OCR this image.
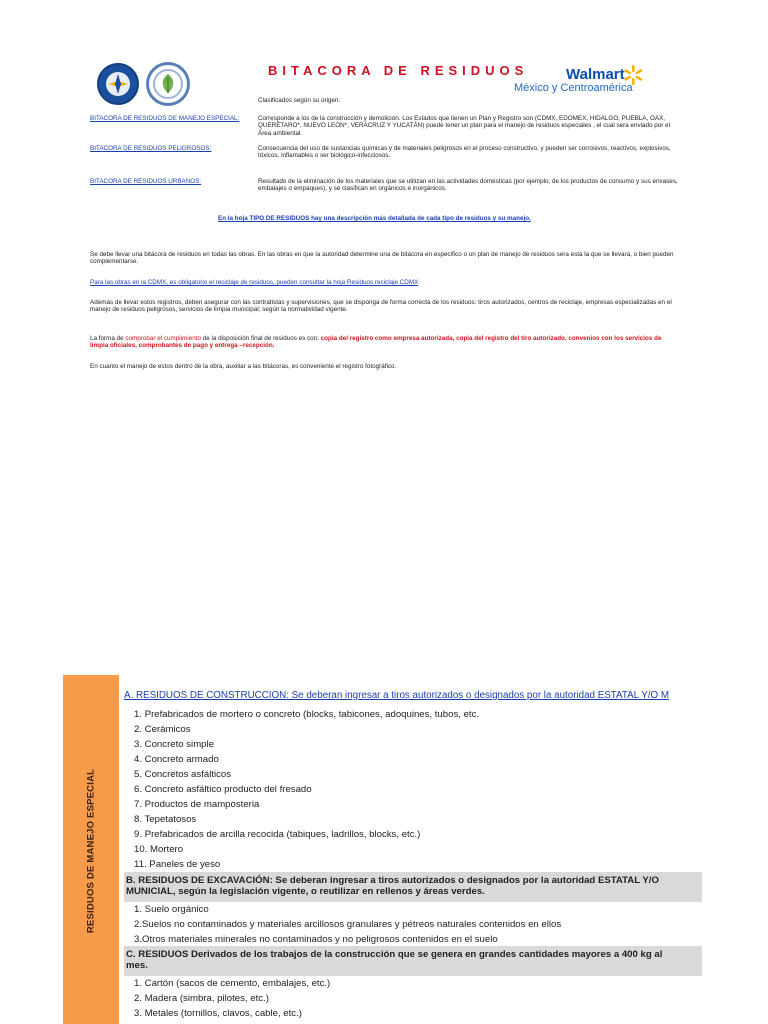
BITACORA DE RESIDUOS	Walmart
México y Centroamérica
Clasificados según su origen:
BITACORA DE RESIDUOS DE MANEJO ESPECIAL:	Corresponde a los de la construcción y demolición. Los Estados que tienen un Plan y Registro son (CDMX, EDOMEX, HIDALGO, PUEBLA, OAX, QUERÉTARO*, NUEVO LEÓN*, VERACRUZ Y YUCATÁN) puede tener un plan para el manejo de residuos especiales , el cual sera enviado por el Área ambiental.
BITACORA DE RESIDUOS PELIGROSOS:	Consecuencia del uso de sustancias químicas y de materiales peligrosos en el proceso constructivo, y pueden ser corrosivos, reactivos, explosivos, tóxicos, inflamables o ser biológico-infecciosos.
BITACORA DE RESIDUOS URBANOS:	Resultado de la eliminación de los materiales que se utilizan en las actividades domésticas (por ejemplo, de los productos de consumo y sus envases, embalajes o empaques), y se clasifican en orgánicos e inorgánicos.
En la hoja TIPO DE RESIDUOS hay una descripción más detallada de cada tipo de residuos y su manejo.
Se debe llevar una bitácora de residuos en todas las obras. En las obras en que la autoridad determine una de bitácora en especifico o un plan de manejo de residuos sera esta la que se llevara, o bien pueden complementarse.
Para las obras en la CDMX, es obligatorio el reciclaje de residuos, pueden consultar la hoja Residuos reciclaje CDMX
Además de llevar estos registros, deben asegurar con las contratistas y supervisiones, que se disponga de forma correcta de los residuos: tiros autorizados, centros de reciclaje, empresas especializadas en el manejo de residuos peligrosos, servicios de limpia municipal; según la normatividad vigente.
La forma de comprobar el cumplimiento de la disposición final de residuos es con: copia del registro como empresa autorizada, copia del registro del tiro autorizado, convenios con los servicios de limpia oficiales, comprobantes de pago y entrega –recepción.
En cuanto el manejo de estos dentro de la obra, auxiliar a las bitácoras, es conveniente el registro fotográfico.
RESIDUOS DE MANEJO ESPECIAL
A. RESIDUOS DE CONSTRUCCION: Se deberan ingresar a tiros autorizados o designados por la autoridad ESTATAL Y/O M
1. Prefabricados de mortero o concreto (blocks, tabicones, adoquines, tubos, etc.
2. Cerámicos
3. Concreto simple
4. Concreto armado
5. Concretos asfálticos
6. Concreto asfáltico producto del fresado
7. Productos de mamposteria
8. Tepetatosos
9. Prefabricados de arcilla recocida (tabiques, ladrillos, blocks, etc.)
10. Mortero
11. Paneles de yeso
B. RESIDUOS DE EXCAVACIÓN: Se deberan ingresar a tiros autorizados o designados por la autoridad ESTATAL Y/O
MUNICIAL, según la legislación vigente, o reutilizar en rellenos y áreas verdes.
1. Suelo orgánico
2.Suelos no contaminados y materiales arcillosos granulares y pétreos naturales contenidos en ellos
3.Otros materiales minerales no contaminados y no peligrosos contenidos en el suelo
C. RESIDUOS Derivados de los trabajos de la construcción que se genera en grandes cantidades mayores a 400 kg al
mes.
1. Cartón (sacos de cemento, embalajes, etc.)
2. Madera (simbra, pilotes, etc.)
3. Metales (tornillos, clavos, cable, etc.)
